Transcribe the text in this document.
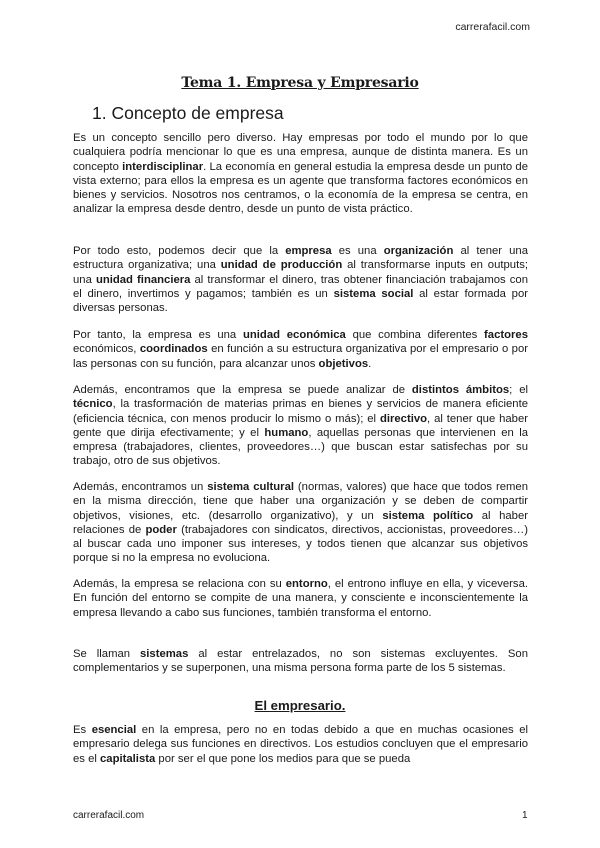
carrerafacil.com
Tema 1. Empresa y Empresario
1. Concepto de empresa

Es un concepto sencillo pero diverso. Hay empresas por todo el mundo por lo que cualquiera podría mencionar lo que es una empresa, aunque de distinta manera. Es un concepto interdisciplinar. La economía en general estudia la empresa desde un punto de vista externo; para ellos la empresa es un agente que transforma factores económicos en bienes y servicios. Nosotros nos centramos, o la economía de la empresa se centra, en analizar la empresa desde dentro, desde un punto de vista práctico.

Por todo esto, podemos decir que la empresa es una organización al tener una estructura organizativa; una unidad de producción al transformarse inputs en outputs; una unidad financiera al transformar el dinero, tras obtener financiación trabajamos con el dinero, invertimos y pagamos; también es un sistema social al estar formada por diversas personas.

Por tanto, la empresa es una unidad económica que combina diferentes factores económicos, coordinados en función a su estructura organizativa por el empresario o por las personas con su función, para alcanzar unos objetivos.

Además, encontramos que la empresa se puede analizar de distintos ámbitos; el técnico, la trasformación de materias primas en bienes y servicios de manera eficiente (eficiencia técnica, con menos producir lo mismo o más); el directivo, al tener que haber gente que dirija efectivamente; y el humano, aquellas personas que intervienen en la empresa (trabajadores, clientes, proveedores…) que buscan estar satisfechas por su trabajo, otro de sus objetivos.

Además, encontramos un sistema cultural (normas, valores) que hace que todos remen en la misma dirección, tiene que haber una organización y se deben de compartir objetivos, visiones, etc. (desarrollo organizativo), y un sistema político al haber relaciones de poder (trabajadores con sindicatos, directivos, accionistas, proveedores…) al buscar cada uno imponer sus intereses, y todos tienen que alcanzar sus objetivos porque si no la empresa no evoluciona.

Además, la empresa se relaciona con su entorno, el entrono influye en ella, y viceversa. En función del entorno se compite de una manera, y consciente e inconscientemente la empresa llevando a cabo sus funciones, también transforma el entorno.

Se llaman sistemas al estar entrelazados, no son sistemas excluyentes. Son complementarios y se superponen, una misma persona forma parte de los 5 sistemas.

El empresario.

Es esencial en la empresa, pero no en todas debido a que en muchas ocasiones el empresario delega sus funciones en directivos. Los estudios concluyen que el empresario es el capitalista por ser el que pone los medios para que se pueda

carrerafacil.com	1
